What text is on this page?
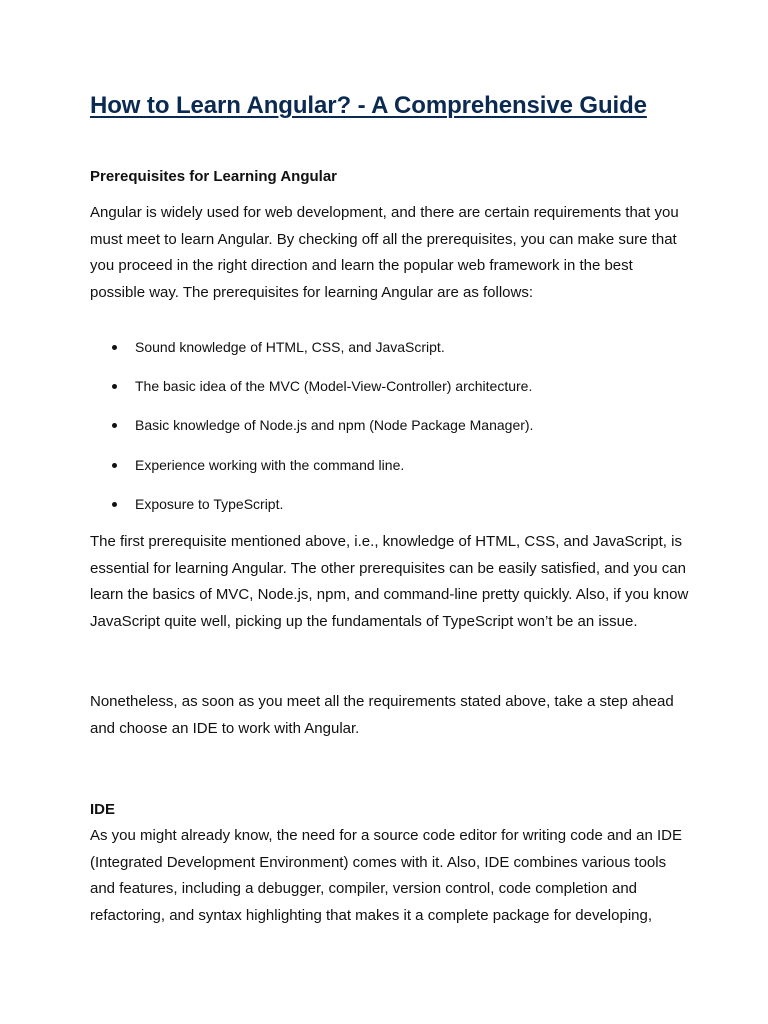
How to Learn Angular? - A Comprehensive Guide
Prerequisites for Learning Angular

Angular is widely used for web development, and there are certain requirements that you must meet to learn Angular. By checking off all the prerequisites, you can make sure that you proceed in the right direction and learn the popular web framework in the best possible way. The prerequisites for learning Angular are as follows:

Sound knowledge of HTML, CSS, and JavaScript.
The basic idea of the MVC (Model-View-Controller) architecture.
Basic knowledge of Node.js and npm (Node Package Manager).
Experience working with the command line.
Exposure to TypeScript.

The first prerequisite mentioned above, i.e., knowledge of HTML, CSS, and JavaScript, is essential for learning Angular. The other prerequisites can be easily satisfied, and you can learn the basics of MVC, Node.js, npm, and command-line pretty quickly. Also, if you know JavaScript quite well, picking up the fundamentals of TypeScript won’t be an issue.

Nonetheless, as soon as you meet all the requirements stated above, take a step ahead and choose an IDE to work with Angular.

IDE

As you might already know, the need for a source code editor for writing code and an IDE (Integrated Development Environment) comes with it. Also, IDE combines various tools and features, including a debugger, compiler, version control, code completion and refactoring, and syntax highlighting that makes it a complete package for developing,
